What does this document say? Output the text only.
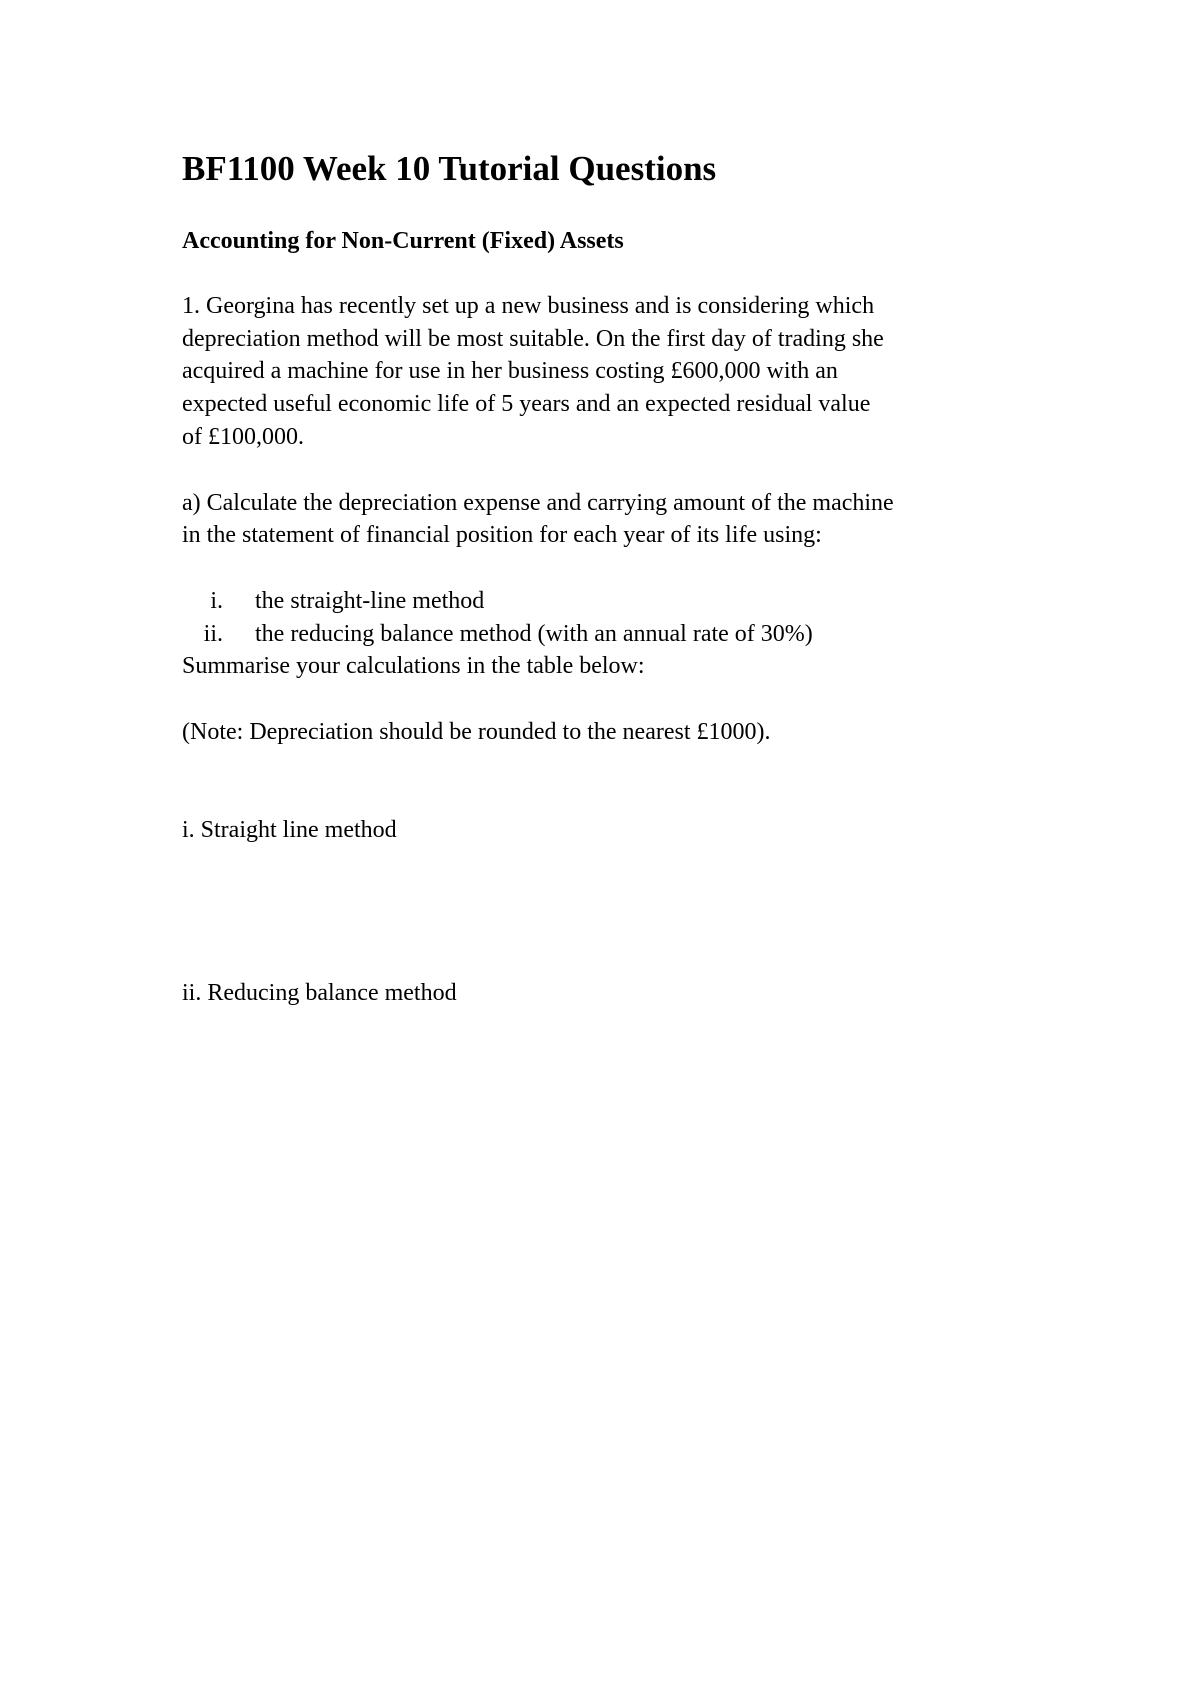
BF1100 Week 10 Tutorial Questions
Accounting for Non-Current (Fixed) Assets

1. Georgina has recently set up a new business and is considering which

depreciation method will be most suitable. On the first day of trading she

acquired a machine for use in her business costing £600,000 with an

expected useful economic life of 5 years and an expected residual value

of £100,000.

a) Calculate the depreciation expense and carrying amount of the machine

in the statement of financial position for each year of its life using:

i. the straight-line method
ii. the reducing balance method (with an annual rate of 30%)

Summarise your calculations in the table below:

(Note: Depreciation should be rounded to the nearest £1000).

i. Straight line method

ii. Reducing balance method
